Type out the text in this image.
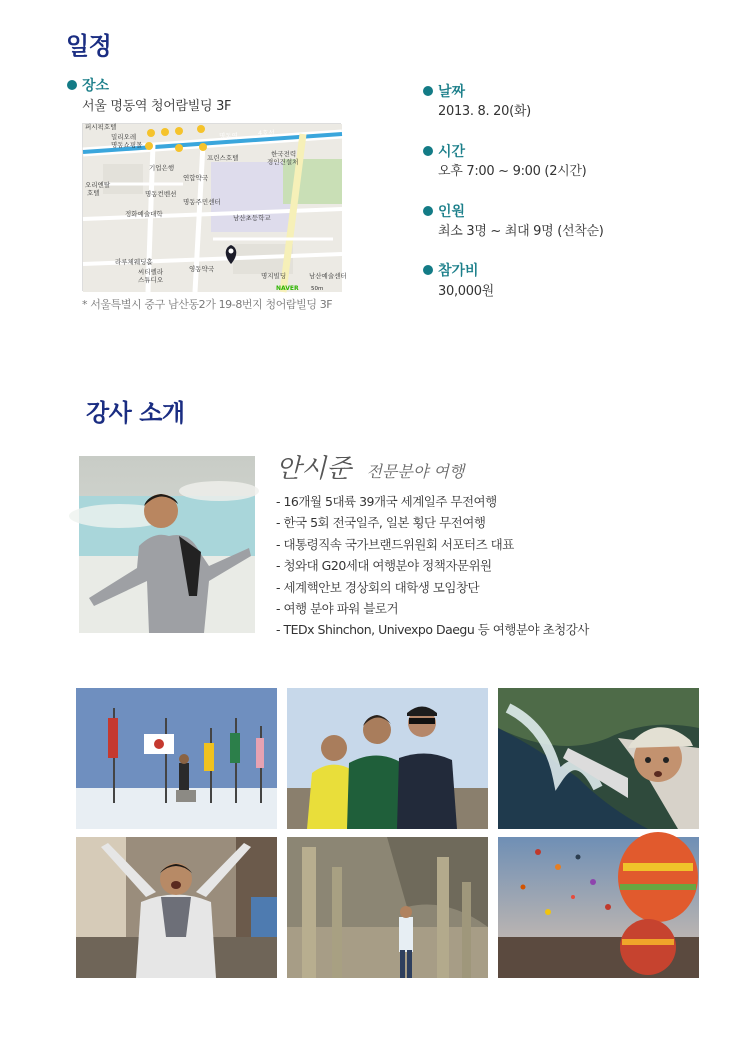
일정
장소
서울 명동역 청어람빌딩 3F
퍼시픽호텔
명동역	4호선
프린스호텔	한국전력
경인건설처
기업은행
연합약국
명동컨벤션
명동주민센터
정화예술대학	남산초등학교
라루체웨딩홀
씨티렐라
스튜디오
영동약국
명지빌딩	남산예술센터
밀리오레
명동쇼핑몰
오리엔탈
호텔
50m
NAVER
* 서울특별시 중구 남산동2가 19-8번지 청어람빌딩 3F
날짜
2013. 8. 20(화)
시간
오후 7:00 ~ 9:00 (2시간)
인원
최소 3명 ~ 최대 9명 (선착순)
참가비
30,000원
강사 소개
안시준 전문분야 여행
- 16개월 5대륙 39개국 세계일주 무전여행
- 한국 5회 전국일주, 일본 횡단 무전여행
- 대통령직속 국가브랜드위원회 서포터즈 대표
- 청와대 G20세대 여행분야 정책자문위원
- 세계핵안보 경상회의 대학생 모임창단
- 여행 분야 파워 블로거
- TEDx Shinchon, Univexpo Daegu 등 여행분야 초청강사
